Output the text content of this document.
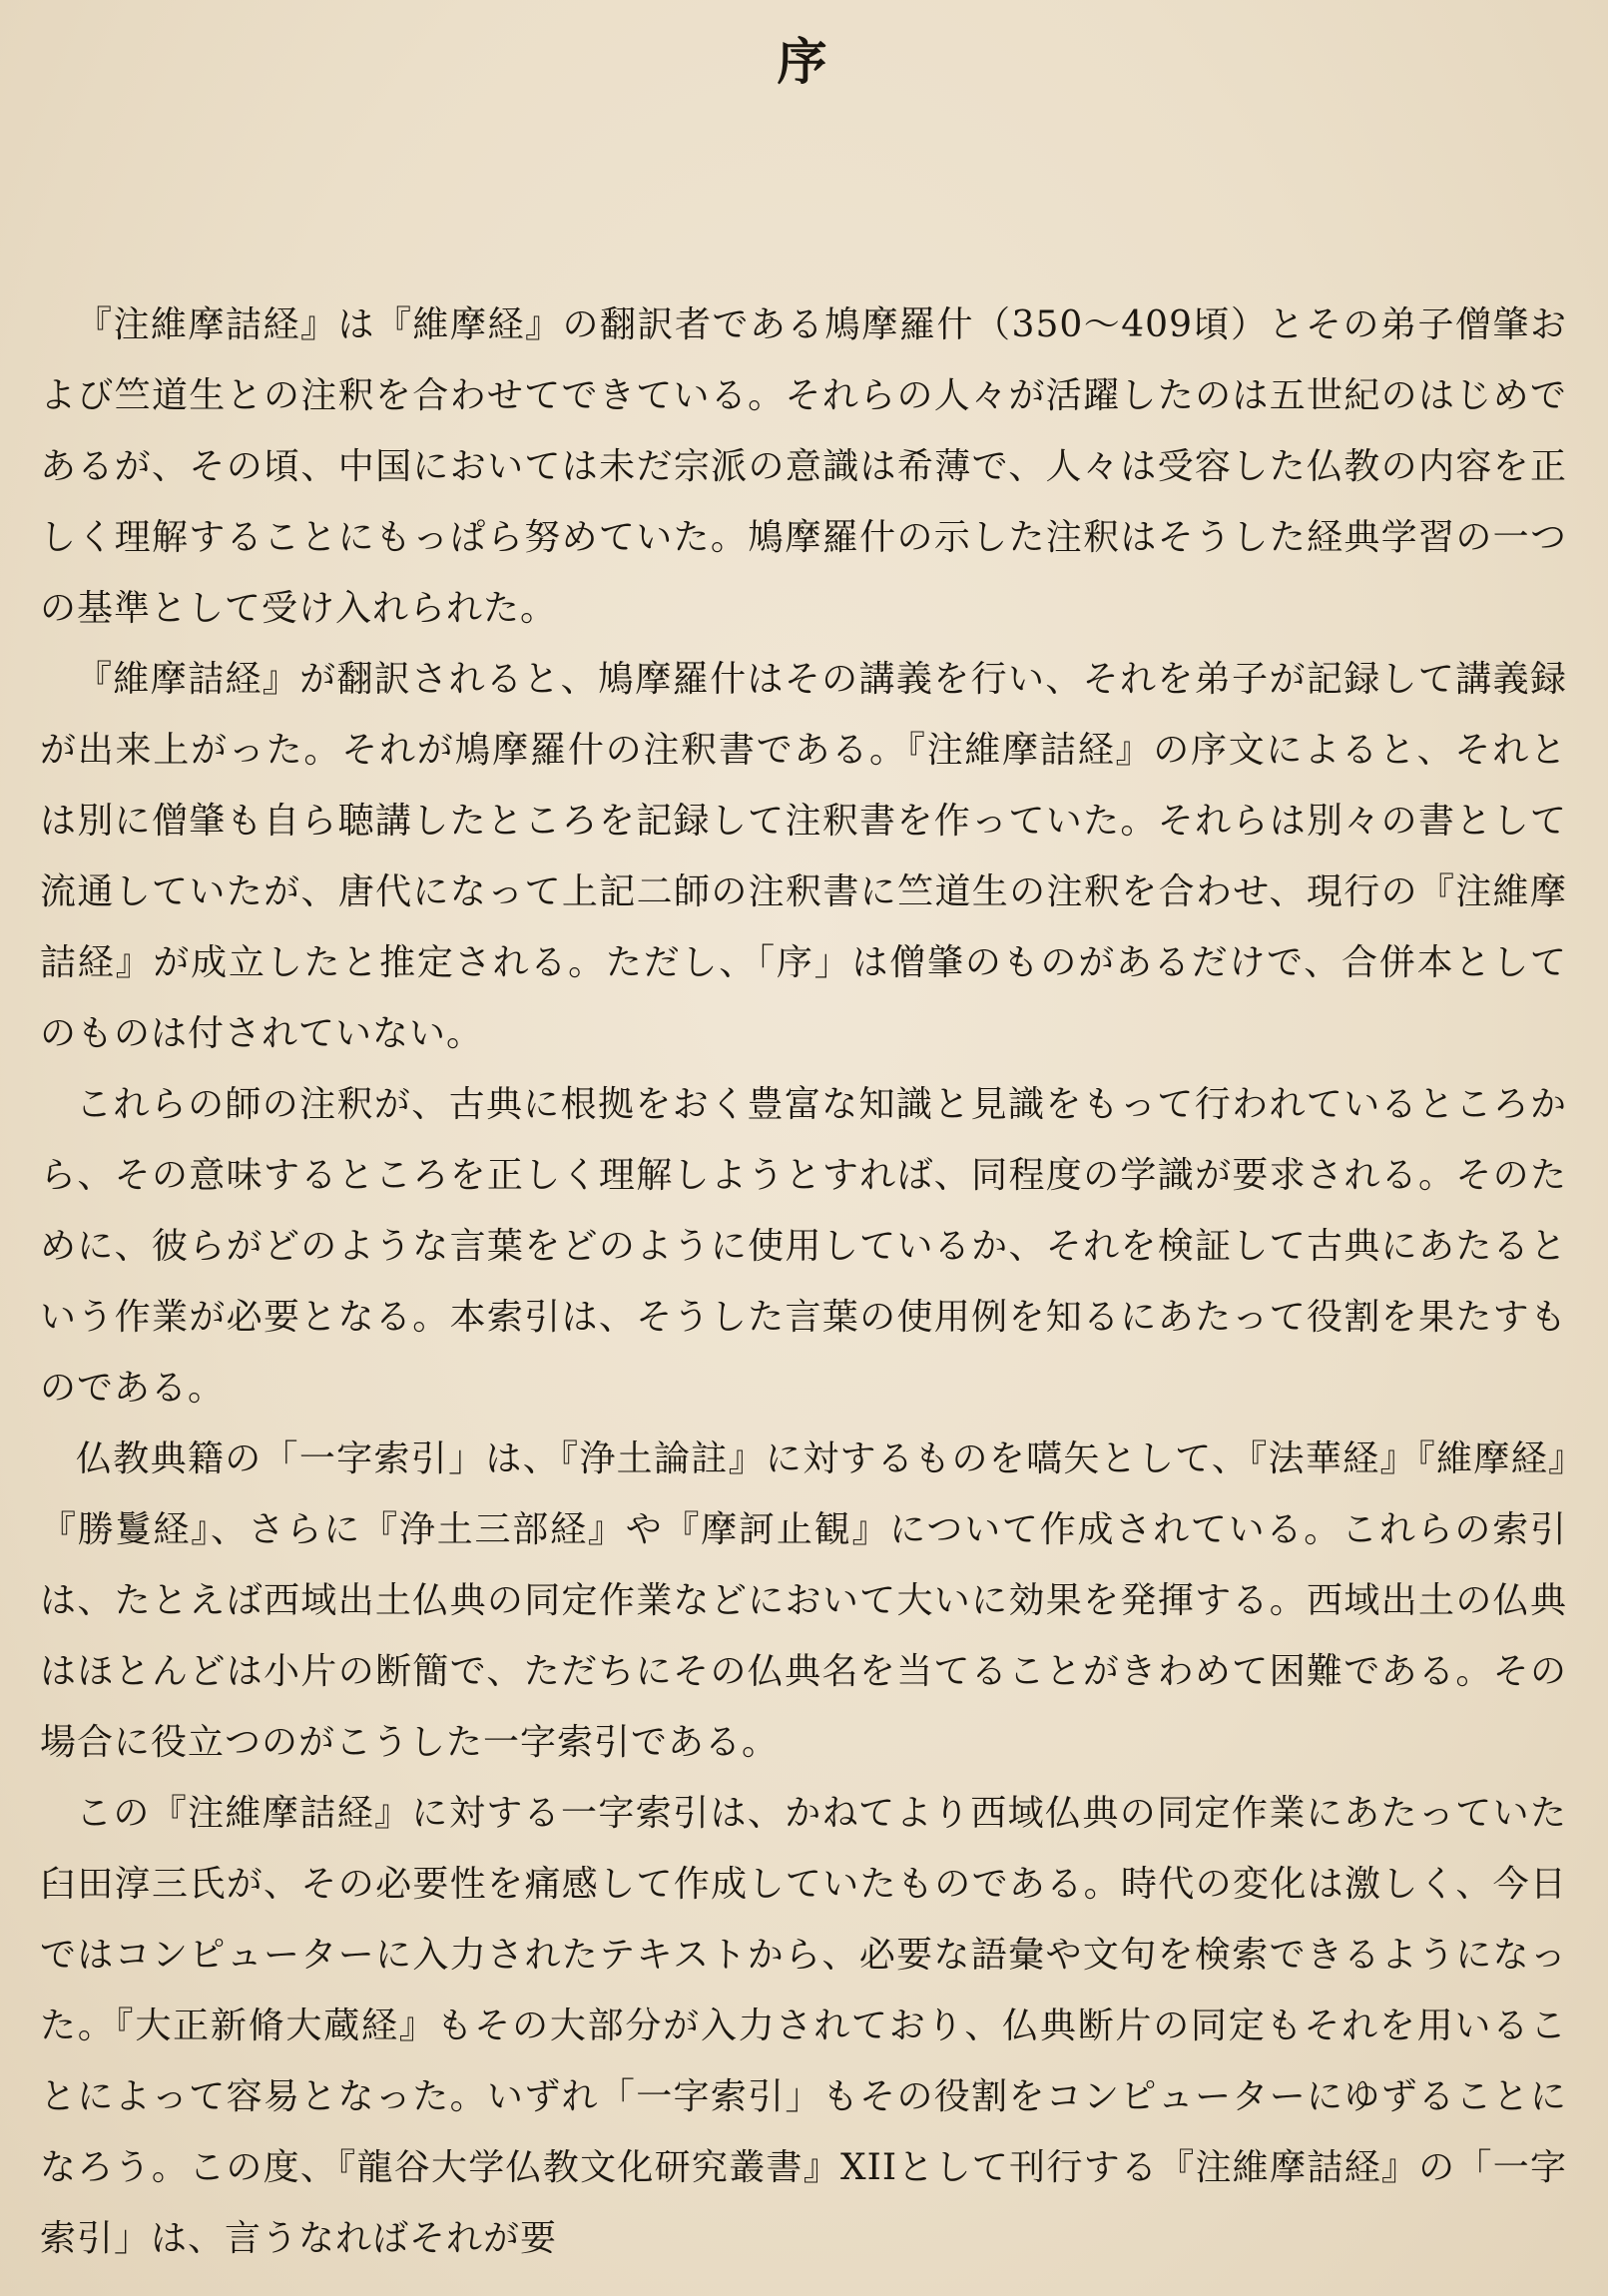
序

『注維摩詰経』は『維摩経』の翻訳者である鳩摩羅什（350～409頃）とその弟子僧肇および竺道生との注釈を合わせてできている。それらの人々が活躍したのは五世紀のはじめであるが、その頃、中国においては未だ宗派の意識は希薄で、人々は受容した仏教の内容を正しく理解することにもっぱら努めていた。鳩摩羅什の示した注釈はそうした経典学習の一つの基準として受け入れられた。

『維摩詰経』が翻訳されると、鳩摩羅什はその講義を行い、それを弟子が記録して講義録が出来上がった。それが鳩摩羅什の注釈書である。『注維摩詰経』の序文によると、それとは別に僧肇も自ら聴講したところを記録して注釈書を作っていた。それらは別々の書として流通していたが、唐代になって上記二師の注釈書に竺道生の注釈を合わせ、現行の『注維摩詰経』が成立したと推定される。ただし、「序」は僧肇のものがあるだけで、合併本としてのものは付されていない。

これらの師の注釈が、古典に根拠をおく豊富な知識と見識をもって行われているところから、その意味するところを正しく理解しようとすれば、同程度の学識が要求される。そのために、彼らがどのような言葉をどのように使用しているか、それを検証して古典にあたるという作業が必要となる。本索引は、そうした言葉の使用例を知るにあたって役割を果たすものである。

仏教典籍の「一字索引」は、『浄土論註』に対するものを嚆矢として、『法華経』『維摩経』『勝鬘経』、さらに『浄土三部経』や『摩訶止観』について作成されている。これらの索引は、たとえば西域出土仏典の同定作業などにおいて大いに効果を発揮する。西域出土の仏典はほとんどは小片の断簡で、ただちにその仏典名を当てることがきわめて困難である。その場合に役立つのがこうした一字索引である。

この『注維摩詰経』に対する一字索引は、かねてより西域仏典の同定作業にあたっていた臼田淳三氏が、その必要性を痛感して作成していたものである。時代の変化は激しく、今日ではコンピューターに入力されたテキストから、必要な語彙や文句を検索できるようになった。『大正新脩大蔵経』もその大部分が入力されており、仏典断片の同定もそれを用いることによって容易となった。いずれ「一字索引」もその役割をコンピューターにゆずることになろう。この度、『龍谷大学仏教文化研究叢書』XIIとして刊行する『注維摩詰経』の「一字索引」は、言うなればそれが要
